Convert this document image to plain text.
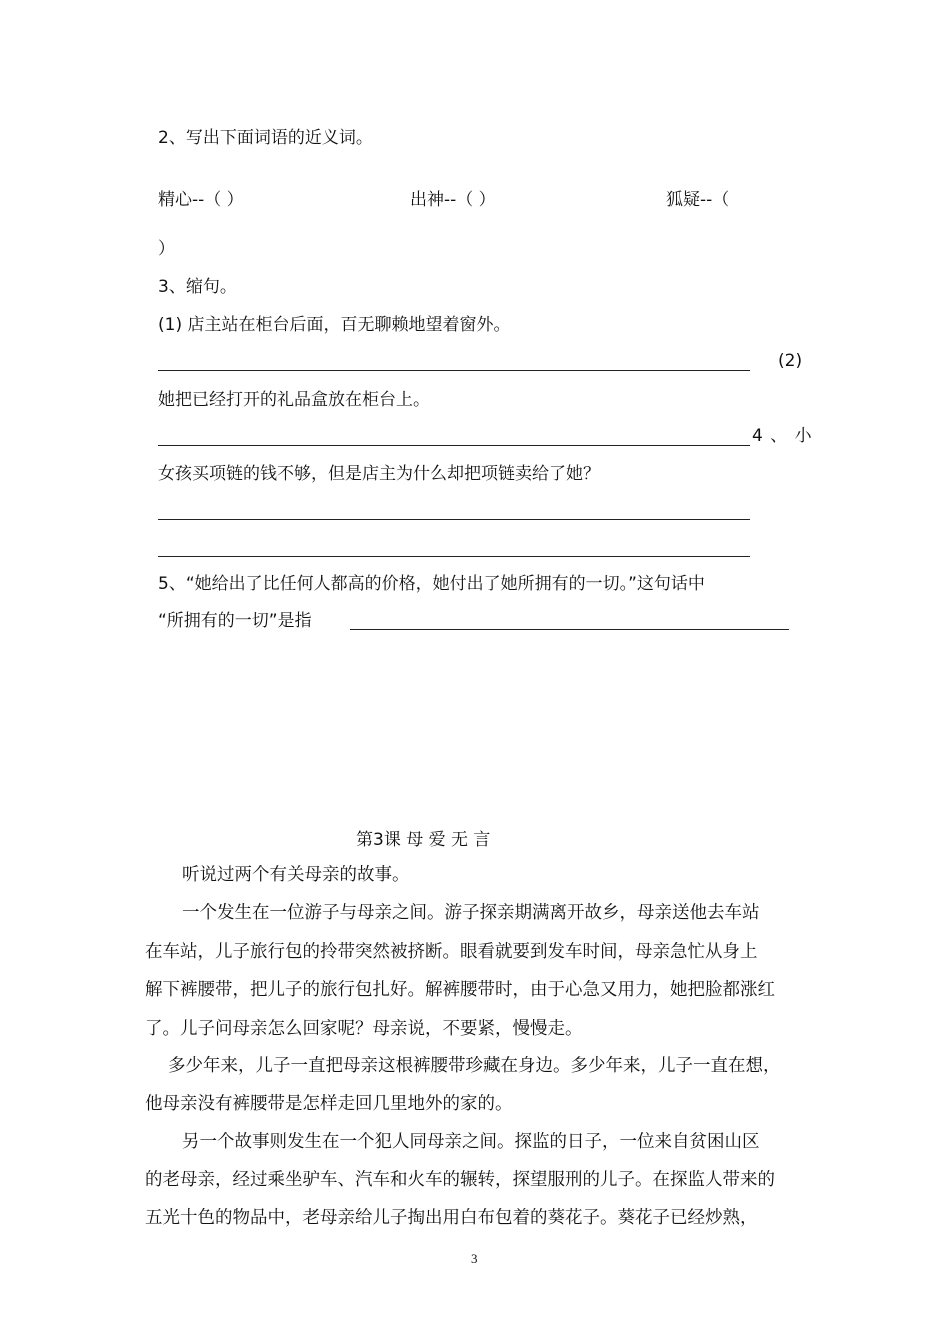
2、写出下面词语的近义词。
精心--（ ）	出神--（ ）	狐疑--（
）
3、缩句。
(1) 店主站在柜台后面，百无聊赖地望着窗外。
(2)
她把已经打开的礼品盒放在柜台上。
4 、 小
女孩买项链的钱不够，但是店主为什么却把项链卖给了她？
5、“她给出了比任何人都高的价格，她付出了她所拥有的一切。”这句话中
“所拥有的一切”是指
第3课 母 爱 无 言
听说过两个有关母亲的故事。
一个发生在一位游子与母亲之间。游子探亲期满离开故乡，母亲送他去车站
在车站，儿子旅行包的拎带突然被挤断。眼看就要到发车时间，母亲急忙从身上
解下裤腰带，把儿子的旅行包扎好。解裤腰带时，由于心急又用力，她把脸都涨红
了。儿子问母亲怎么回家呢？母亲说，不要紧，慢慢走。
多少年来，儿子一直把母亲这根裤腰带珍藏在身边。多少年来，儿子一直在想，
他母亲没有裤腰带是怎样走回几里地外的家的。
另一个故事则发生在一个犯人同母亲之间。探监的日子，一位来自贫困山区
的老母亲，经过乘坐驴车、汽车和火车的辗转，探望服刑的儿子。在探监人带来的
五光十色的物品中，老母亲给儿子掏出用白布包着的葵花子。葵花子已经炒熟，
3
